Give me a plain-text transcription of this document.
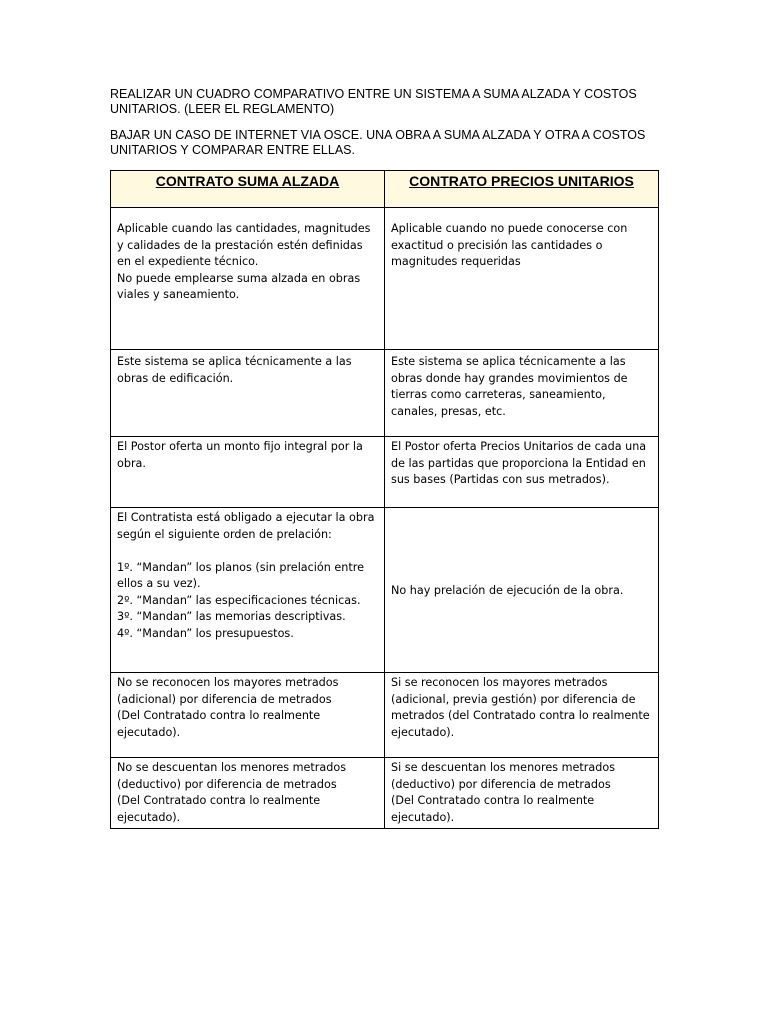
REALIZAR UN CUADRO COMPARATIVO ENTRE UN SISTEMA A SUMA ALZADA Y COSTOS UNITARIOS. (LEER EL REGLAMENTO)

BAJAR UN CASO DE INTERNET VIA OSCE. UNA OBRA A SUMA ALZADA Y OTRA A COSTOS UNITARIOS Y COMPARAR ENTRE ELLAS.

CONTRATO SUMA ALZADA	CONTRATO PRECIOS UNITARIOS

Aplicable cuando las cantidades, magnitudes y calidades de la prestación estén definidas en el expediente técnico.
No puede emplearse suma alzada en obras viales y saneamiento.	Aplicable cuando no puede conocerse con exactitud o precisión las cantidades o magnitudes requeridas

Este sistema se aplica técnicamente a las obras de edificación.	Este sistema se aplica técnicamente a las obras donde hay grandes movimientos de tierras como carreteras, saneamiento, canales, presas, etc.

El Postor oferta un monto fijo integral por la obra.	El Postor oferta Precios Unitarios de cada una de las partidas que proporciona la Entidad en sus bases (Partidas con sus metrados).

El Contratista está obligado a ejecutar la obra según el siguiente orden de prelación:

1º. “Mandan” los planos (sin prelación entre ellos a su vez).
2º. “Mandan” las especificaciones técnicas.
3º. “Mandan” las memorias descriptivas.
4º. “Mandan” los presupuestos.	No hay prelación de ejecución de la obra.

No se reconocen los mayores metrados (adicional) por diferencia de metrados
(Del Contratado contra lo realmente ejecutado).	Si se reconocen los mayores metrados (adicional, previa gestión) por diferencia de metrados (del Contratado contra lo realmente ejecutado).

No se descuentan los menores metrados (deductivo) por diferencia de metrados
(Del Contratado contra lo realmente ejecutado).	Si se descuentan los menores metrados (deductivo) por diferencia de metrados
(Del Contratado contra lo realmente ejecutado).
